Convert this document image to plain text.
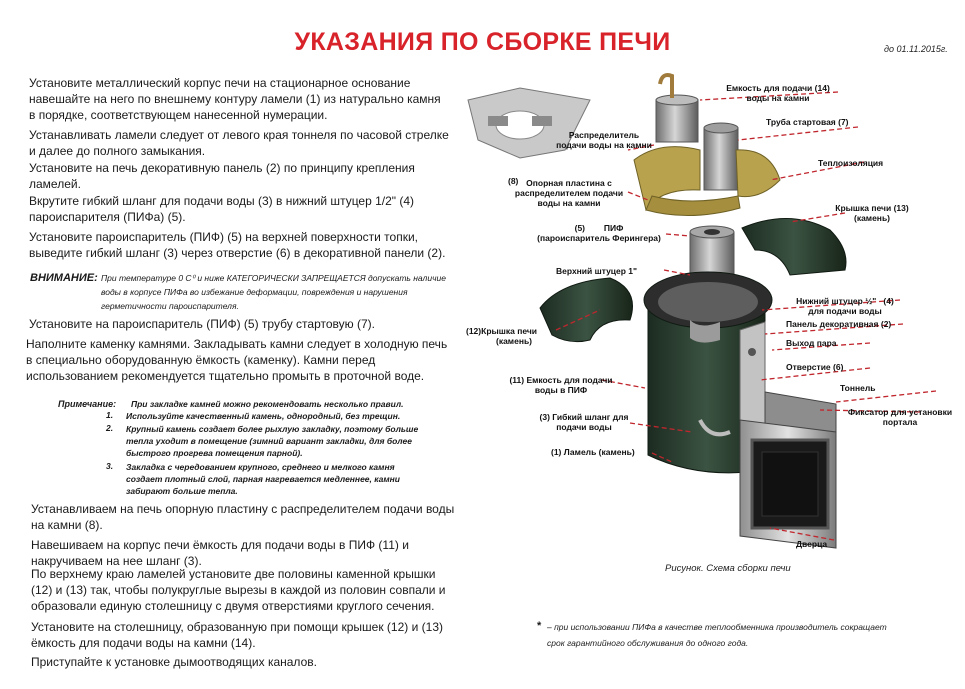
УКАЗАНИЯ ПО СБОРКЕ ПЕЧИ	до 01.11.2015г.
Установите металлический корпус печи на стационарное основание
навешайте на него по внешнему контуру ламели (1) из натурально камня
в порядке, соответствующем нанесенной нумерации.
Устанавливать ламели следует от левого края тоннеля по часовой стрелке
и далее до полного замыкания.
Установите на печь декоративную панель (2) по принципу крепления
ламелей.
Вкрутите гибкий шланг для подачи воды (3) в нижний штуцер 1/2" (4)
пароиспарителя (ПИФа) (5).
Установите пароиспаритель (ПИФ) (5) на верхней поверхности топки,
выведите гибкий шланг (3) через отверстие (6) в декоративной панели (2).
ВНИМАНИЕ: При температуре 0 С⁰ и ниже КАТЕГОРИЧЕСКИ ЗАПРЕЩАЕТСЯ допускать наличие
воды в корпусе ПИФа во избежание деформации, повреждения и нарушения
герметичности пароиспарителя.
Установите на пароиспаритель (ПИФ) (5) трубу стартовую (7).
Наполните каменку камнями. Закладывать камни следует в холодную печь
в специально оборудованную ёмкость (каменку). Камни перед
использованием рекомендуется тщательно промыть в проточной воде.
Примечание: При закладке камней можно рекомендовать несколько правил.
1. Используйте качественный камень, однородный, без трещин.
2. Крупный камень создает более рыхлую закладку, поэтому больше
тепла уходит в помещение (зимний вариант закладки, для более
быстрого прогрева помещения парной).
3. Закладка с чередованием крупного, среднего и мелкого камня
создает плотный слой, парная нагревается медленнее, камни
забирают больше тепла.
Устанавливаем на печь опорную пластину с распределителем подачи воды
на камни (8).
Навешиваем на корпус печи ёмкость для подачи воды в ПИФ (11) и
накручиваем на нее шланг (3).
По верхнему краю ламелей установите две половины каменной крышки
(12) и (13) так, чтобы полукруглые вырезы в каждой из половин совпали и
образовали единую столешницу с двумя отверстиями круглого сечения.
Установите на столешницу, образованную при помощи крышек (12) и (13)
ёмкость для подачи воды на камни (14).
Приступайте к установке дымоотводящих каналов.
Емкость для подачи (14)
воды на камни
Труба стартовая (7)
Распределитель
подачи воды на камни
Теплоизоляция
(8) Опорная пластина с
распределителем подачи
воды на камни	Крышка печи (13)
(камень)
(5) ПИФ
(пароиспаритель Ферингера)
Верхний штуцер 1"
Нижний штуцер ½" (4)
для подачи воды
Панель декоративная (2)
Выход пара
(12)Крышка печи
(камень)
Отверстие (6)
(11) Емкость для подачи
воды в ПИФ	Тоннель
Фиксатор для установки
портала
(3) Гибкий шланг для
подачи воды
(1) Ламель (камень)
Дверца
Рисунок. Схема сборки печи
* – при использовании ПИФа в качестве теплообменника производитель сокращает
срок гарантийного обслуживания до одного года.
